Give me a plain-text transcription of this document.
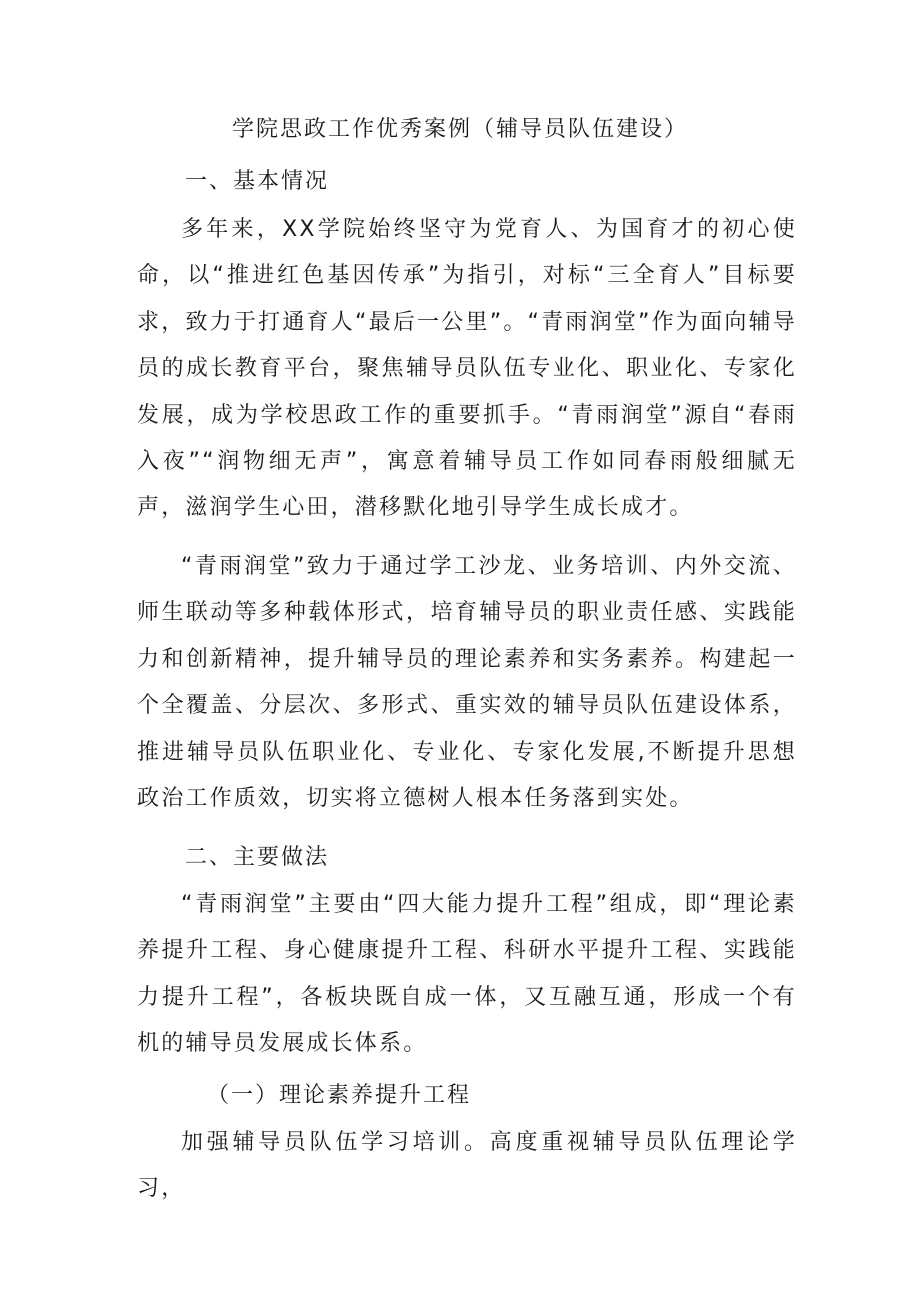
学院思政工作优秀案例（辅导员队伍建设）
一、基本情况

多年来，XX学院始终坚守为党育人、为国育才的初心使命，以“推进红色基因传承”为指引，对标“三全育人”目标要求，致力于打通育人“最后一公里”。“青雨润堂”作为面向辅导员的成长教育平台，聚焦辅导员队伍专业化、职业化、专家化发展，成为学校思政工作的重要抓手。“青雨润堂”源自“春雨入夜”“润物细无声”，寓意着辅导员工作如同春雨般细腻无声，滋润学生心田，潜移默化地引导学生成长成才。

“青雨润堂”致力于通过学工沙龙、业务培训、内外交流、师生联动等多种载体形式，培育辅导员的职业责任感、实践能力和创新精神，提升辅导员的理论素养和实务素养。构建起一个全覆盖、分层次、多形式、重实效的辅导员队伍建设体系，推进辅导员队伍职业化、专业化、专家化发展,不断提升思想政治工作质效，切实将立德树人根本任务落到实处。

二、主要做法

“青雨润堂”主要由“四大能力提升工程”组成，即“理论素养提升工程、身心健康提升工程、科研水平提升工程、实践能力提升工程”，各板块既自成一体，又互融互通，形成一个有机的辅导员发展成长体系。

（一）理论素养提升工程

加强辅导员队伍学习培训。高度重视辅导员队伍理论学习，
